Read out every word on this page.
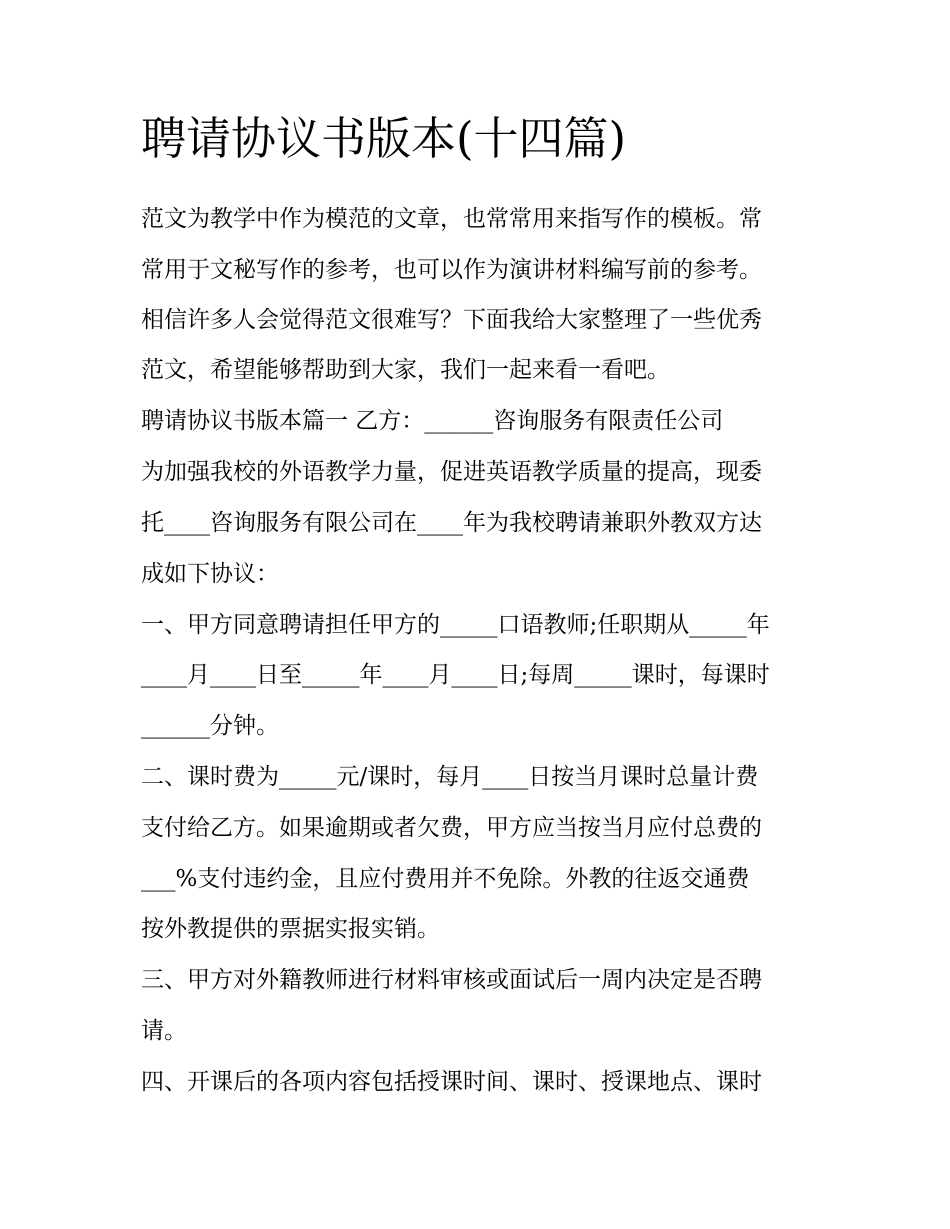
聘请协议书版本(十四篇)

范文为教学中作为模范的文章，也常常用来指写作的模板。常

常用于文秘写作的参考，也可以作为演讲材料编写前的参考。

相信许多人会觉得范文很难写？下面我给大家整理了一些优秀

范文，希望能够帮助到大家，我们一起来看一看吧。

聘请协议书版本篇一 乙方：______咨询服务有限责任公司

为加强我校的外语教学力量，促进英语教学质量的提高，现委

托____咨询服务有限公司在____年为我校聘请兼职外教双方达

成如下协议：

一、甲方同意聘请担任甲方的_____口语教师;任职期从_____年

____月____日至_____年____月____日;每周_____课时，每课时

______分钟。

二、课时费为_____元/课时，每月____日按当月课时总量计费

支付给乙方。如果逾期或者欠费，甲方应当按当月应付总费的

___%支付违约金，且应付费用并不免除。外教的往返交通费

按外教提供的票据实报实销。

三、甲方对外籍教师进行材料审核或面试后一周内决定是否聘

请。

四、开课后的各项内容包括授课时间、课时、授课地点、课时
